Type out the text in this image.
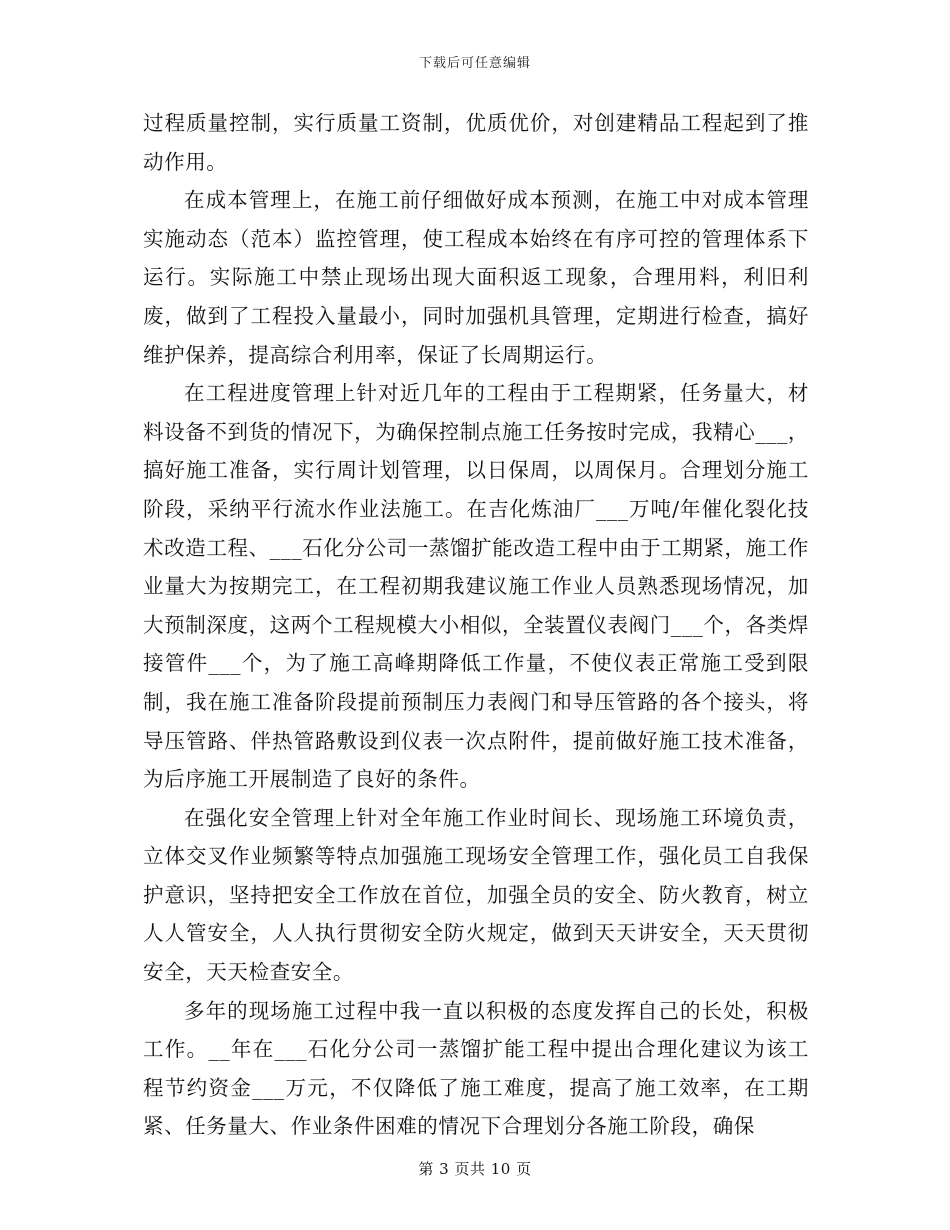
下载后可任意编辑

过程质量控制，实行质量工资制，优质优价，对创建精品工程起到了推动作用。

在成本管理上，在施工前仔细做好成本预测，在施工中对成本管理实施动态（范本）监控管理，使工程成本始终在有序可控的管理体系下运行。实际施工中禁止现场出现大面积返工现象，合理用料，利旧利废，做到了工程投入量最小，同时加强机具管理，定期进行检查，搞好维护保养，提高综合利用率，保证了长周期运行。

在工程进度管理上针对近几年的工程由于工程期紧，任务量大，材料设备不到货的情况下，为确保控制点施工任务按时完成，我精心___，搞好施工准备，实行周计划管理，以日保周，以周保月。合理划分施工阶段，采纳平行流水作业法施工。在吉化炼油厂___万吨/年催化裂化技术改造工程、___石化分公司一蒸馏扩能改造工程中由于工期紧，施工作业量大为按期完工，在工程初期我建议施工作业人员熟悉现场情况，加大预制深度，这两个工程规模大小相似，全装置仪表阀门___个，各类焊接管件___个，为了施工高峰期降低工作量，不使仪表正常施工受到限制，我在施工准备阶段提前预制压力表阀门和导压管路的各个接头，将导压管路、伴热管路敷设到仪表一次点附件，提前做好施工技术准备，为后序施工开展制造了良好的条件。

在强化安全管理上针对全年施工作业时间长、现场施工环境负责，立体交叉作业频繁等特点加强施工现场安全管理工作，强化员工自我保护意识，坚持把安全工作放在首位，加强全员的安全、防火教育，树立人人管安全，人人执行贯彻安全防火规定，做到天天讲安全，天天贯彻安全，天天检查安全。

多年的现场施工过程中我一直以积极的态度发挥自己的长处，积极工作。__年在___石化分公司一蒸馏扩能工程中提出合理化建议为该工程节约资金___万元，不仅降低了施工难度，提高了施工效率，在工期紧、任务量大、作业条件困难的情况下合理划分各施工阶段，确保

第 3 页共 10 页
